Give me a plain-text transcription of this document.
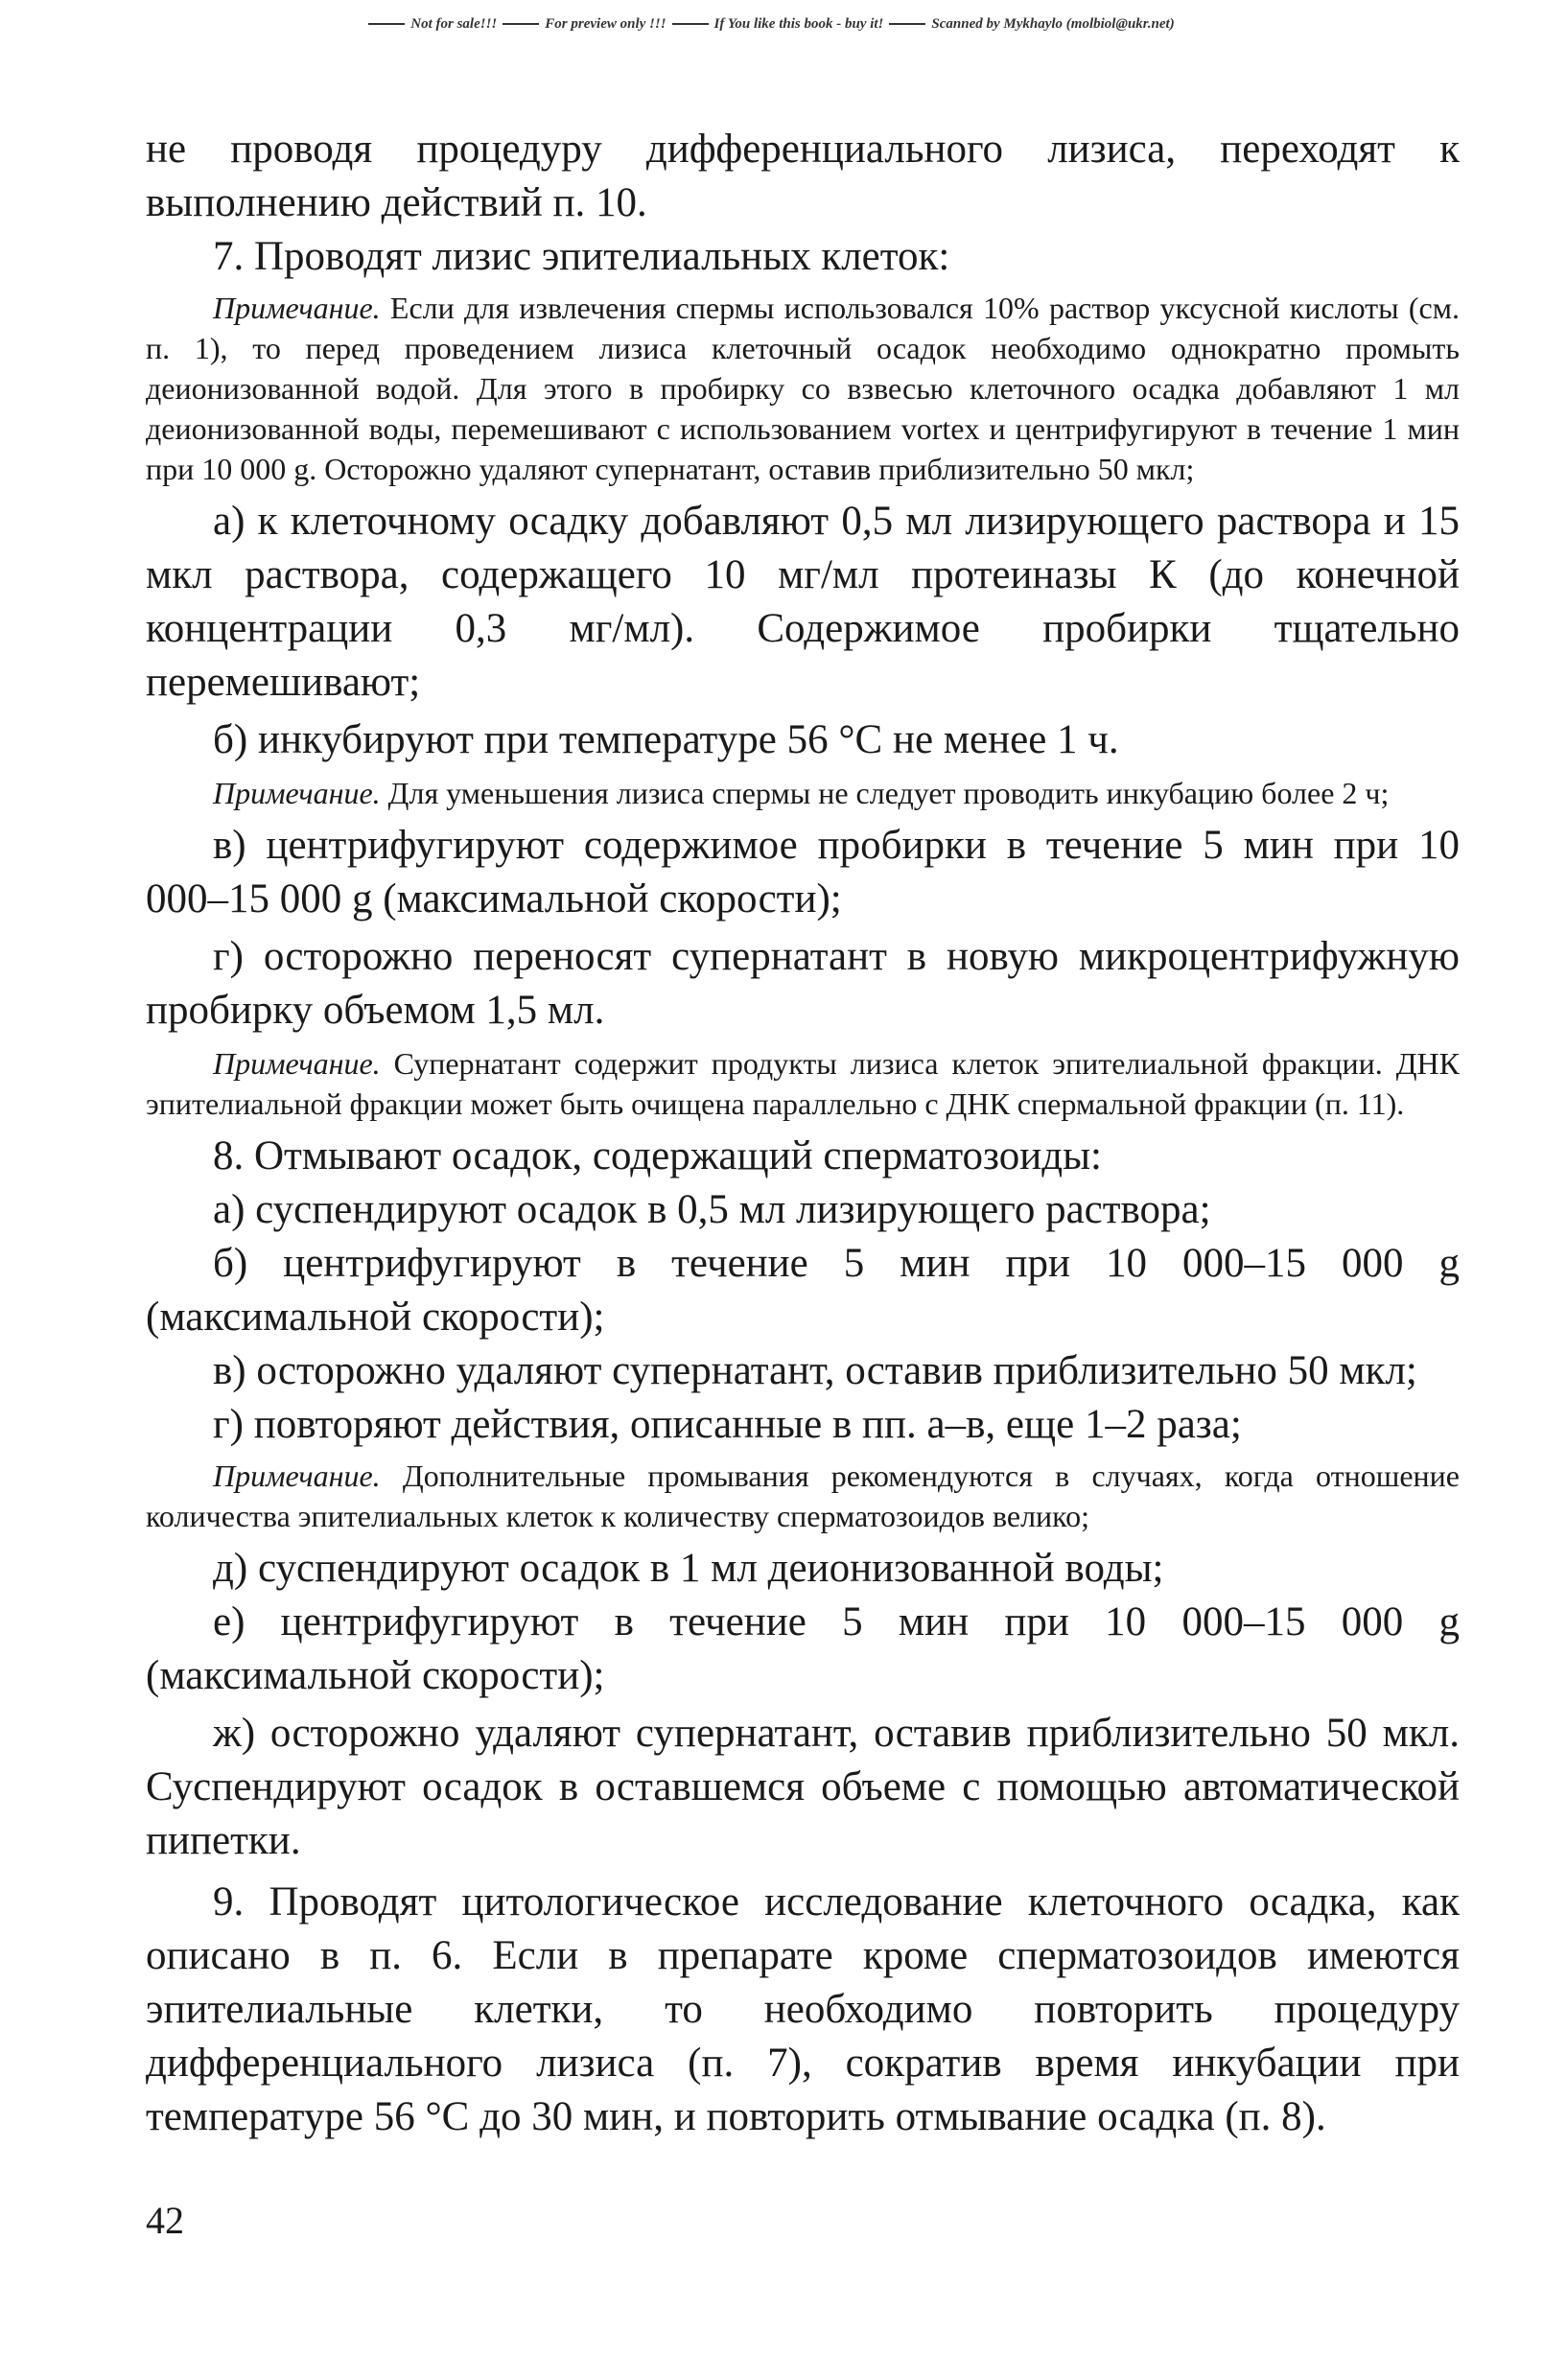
Not for sale!!!	For preview only !!!	If You like this book - buy it!	Scanned by Mykhaylo (molbiol@ukr.net)

не проводя процедуру дифференциального лизиса, переходят к выполнению действий п. 10.

7. Проводят лизис эпителиальных клеток:

Примечание. Если для извлечения спермы использовался 10% раствор уксусной кислоты (см. п. 1), то перед проведением лизиса клеточный осадок необходимо однократно промыть деионизованной водой. Для этого в пробирку со взвесью клеточного осадка добавляют 1 мл деионизованной воды, перемешивают с использованием vortex и центрифугируют в течение 1 мин при 10 000 g. Осторожно удаляют супернатант, оставив приблизительно 50 мкл;

а) к клеточному осадку добавляют 0,5 мл лизирующего раствора и 15 мкл раствора, содержащего 10 мг/мл протеиназы К (до конечной концентрации 0,3 мг/мл). Содержимое пробирки тщательно перемешивают;

б) инкубируют при температуре 56 °С не менее 1 ч.

Примечание. Для уменьшения лизиса спермы не следует проводить инкубацию более 2 ч;

в) центрифугируют содержимое пробирки в течение 5 мин при 10 000–15 000 g (максимальной скорости);

г) осторожно переносят супернатант в новую микроцентрифужную пробирку объемом 1,5 мл.

Примечание. Супернатант содержит продукты лизиса клеток эпителиальной фракции. ДНК эпителиальной фракции может быть очищена параллельно с ДНК спермальной фракции (п. 11).

8. Отмывают осадок, содержащий сперматозоиды:

а) суспендируют осадок в 0,5 мл лизирующего раствора;

б) центрифугируют в течение 5 мин при 10 000–15 000 g (максимальной скорости);

в) осторожно удаляют супернатант, оставив приблизительно 50 мкл;

г) повторяют действия, описанные в пп. а–в, еще 1–2 раза;

Примечание. Дополнительные промывания рекомендуются в случаях, когда отношение количества эпителиальных клеток к количеству сперматозоидов велико;

д) суспендируют осадок в 1 мл деионизованной воды;

е) центрифугируют в течение 5 мин при 10 000–15 000 g (максимальной скорости);

ж) осторожно удаляют супернатант, оставив приблизительно 50 мкл. Суспендируют осадок в оставшемся объеме с помощью автоматической пипетки.

9. Проводят цитологическое исследование клеточного осадка, как описано в п. 6. Если в препарате кроме сперматозоидов имеются эпителиальные клетки, то необходимо повторить процедуру дифференциального лизиса (п. 7), сократив время инкубации при температуре 56 °С до 30 мин, и повторить отмывание осадка (п. 8).

42
